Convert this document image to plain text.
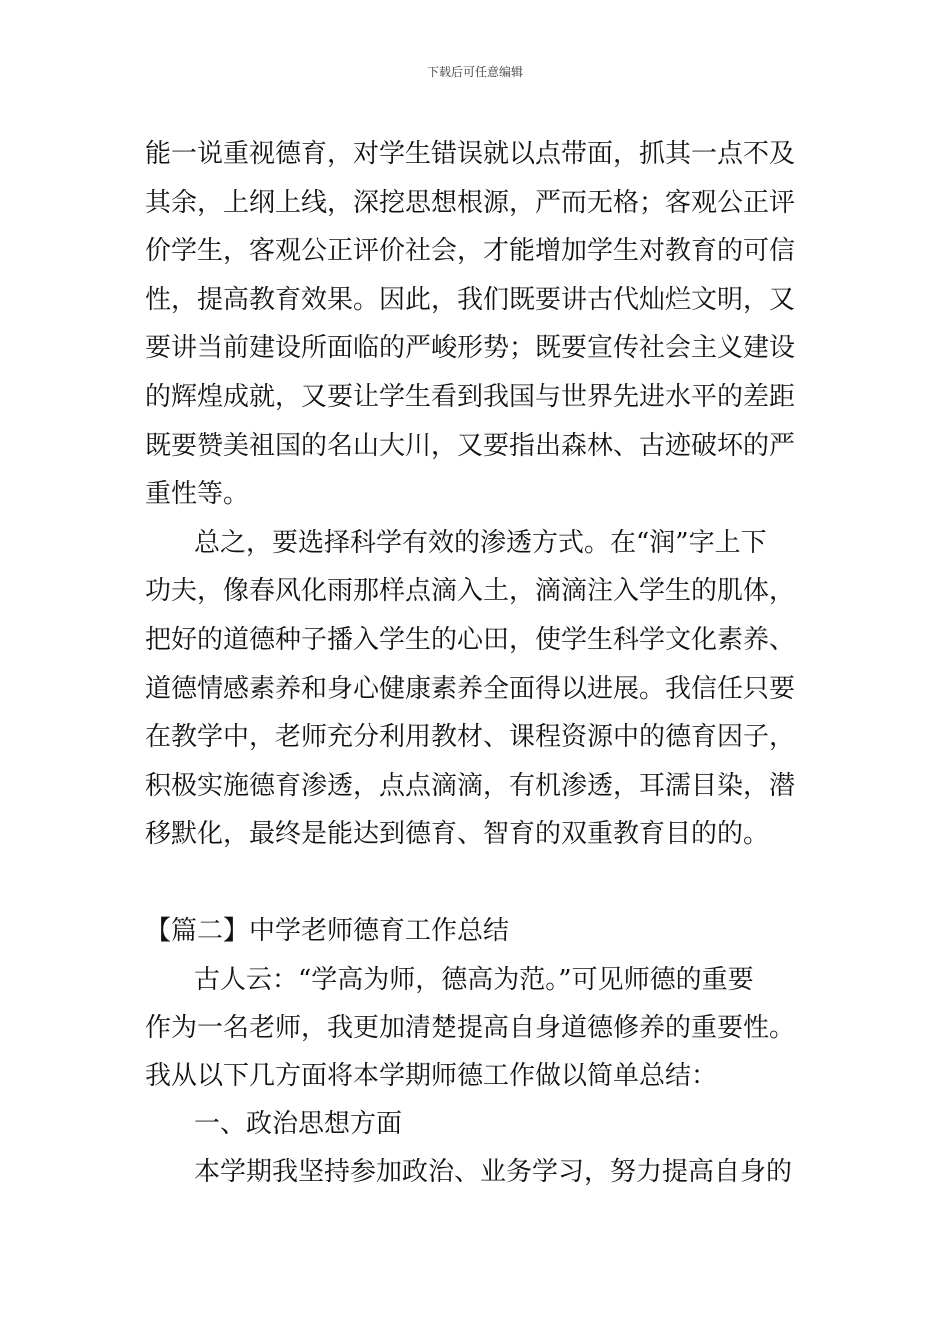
下载后可任意编辑
能一说重视德育，对学生错误就以点带面，抓其一点不及
其余，上纲上线，深挖思想根源，严而无格；客观公正评
价学生，客观公正评价社会，才能增加学生对教育的可信
性，提高教育效果。因此，我们既要讲古代灿烂文明，又
要讲当前建设所面临的严峻形势；既要宣传社会主义建设
的辉煌成就，又要让学生看到我国与世界先进水平的差距
既要赞美祖国的名山大川，又要指出森林、古迹破坏的严
重性等。
总之，要选择科学有效的渗透方式。在“润”字上下
功夫，像春风化雨那样点滴入土，滴滴注入学生的肌体，
把好的道德种子播入学生的心田，使学生科学文化素养、
道德情感素养和身心健康素养全面得以进展。我信任只要
在教学中，老师充分利用教材、课程资源中的德育因子，
积极实施德育渗透，点点滴滴，有机渗透，耳濡目染，潜
移默化，最终是能达到德育、智育的双重教育目的的。
【篇二】中学老师德育工作总结
古人云：“学高为师，德高为范。”可见师德的重要
作为一名老师，我更加清楚提高自身道德修养的重要性。
我从以下几方面将本学期师德工作做以简单总结：
一、政治思想方面
本学期我坚持参加政治、业务学习，努力提高自身的
